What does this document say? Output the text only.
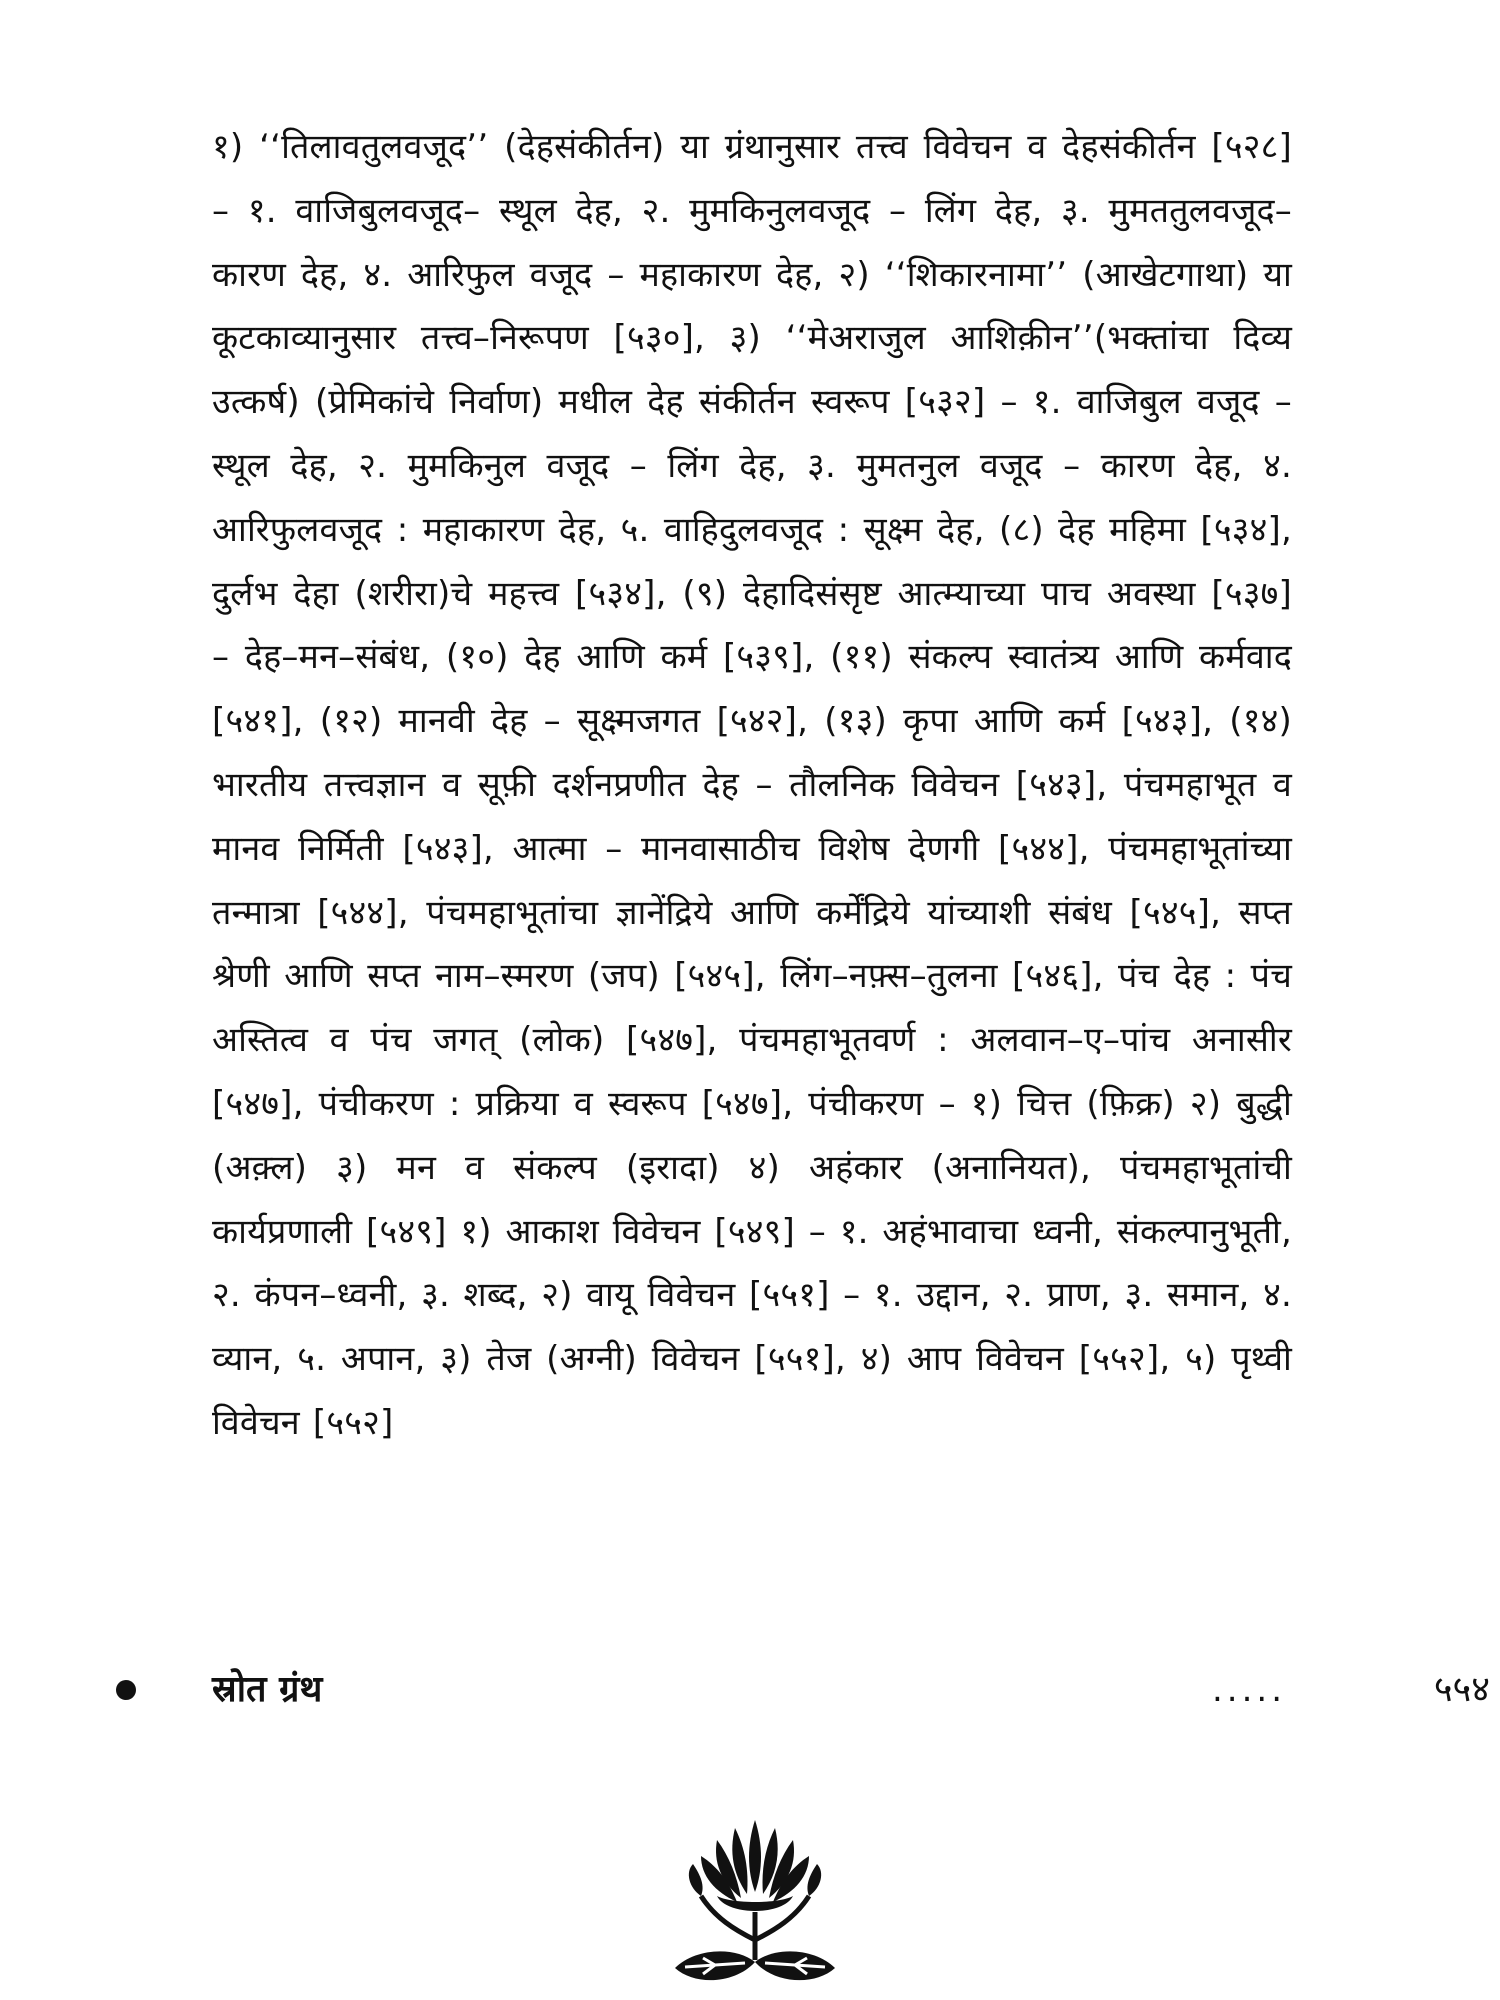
१) ‘‘तिलावतुलवजूद’’ (देहसंकीर्तन) या ग्रंथानुसार तत्त्व विवेचन व देहसंकीर्तन [५२८] – १. वाजिबुलवजूद– स्थूल देह, २. मुमकिनुलवजूद – लिंग देह, ३. मुमततुलवजूद– कारण देह, ४. आरिफुल वजूद – महाकारण देह, २) ‘‘शिकारनामा’’ (आखेटगाथा) या कूटकाव्यानुसार तत्त्व–निरूपण [५३०], ३) ‘‘मेअराजुल आशिक़ीन’’(भक्तांचा दिव्य उत्कर्ष) (प्रेमिकांचे निर्वाण) मधील देह संकीर्तन स्वरूप [५३२] – १. वाजिबुल वजूद – स्थूल देह, २. मुमकिनुल वजूद – लिंग देह, ३. मुमतनुल वजूद – कारण देह, ४. आरिफुलवजूद : महाकारण देह, ५. वाहिदुलवजूद : सूक्ष्म देह, (८) देह महिमा [५३४], दुर्लभ देहा (शरीरा)चे महत्त्व [५३४], (९) देहादिसंसृष्ट आत्म्याच्या पाच अवस्था [५३७] – देह–मन–संबंध, (१०) देह आणि कर्म [५३९], (११) संकल्प स्वातंत्र्य आणि कर्मवाद [५४१], (१२) मानवी देह – सूक्ष्मजगत [५४२], (१३) कृपा आणि कर्म [५४३], (१४) भारतीय तत्त्वज्ञान व सूफ़ी दर्शनप्रणीत देह – तौलनिक विवेचन [५४३], पंचमहाभूत व मानव निर्मिती [५४३], आत्मा – मानवासाठीच विशेष देणगी [५४४], पंचमहाभूतांच्या तन्मात्रा [५४४], पंचमहाभूतांचा ज्ञानेंद्रिये आणि कर्मेंद्रिये यांच्याशी संबंध [५४५], सप्त श्रेणी आणि सप्त नाम–स्मरण (जप) [५४५], लिंग–नफ़्स–तुलना [५४६], पंच देह : पंच अस्तित्व व पंच जगत् (लोक) [५४७], पंचमहाभूतवर्ण : अलवान–ए–पांच अनासीर [५४७], पंचीकरण : प्रक्रिया व स्वरूप [५४७], पंचीकरण – १) चित्त (फ़िक्र) २) बुद्धी (अक़्ल) ३) मन व संकल्प (इरादा) ४) अहंकार (अनानियत), पंचमहाभूतांची कार्यप्रणाली [५४९] १) आकाश विवेचन [५४९] – १. अहंभावाचा ध्वनी, संकल्पानुभूती, २. कंपन–ध्वनी, ३. शब्द, २) वायू विवेचन [५५१] – १. उद्दान, २. प्राण, ३. समान, ४. व्यान, ५. अपान, ३) तेज (अग्नी) विवेचन [५५१], ४) आप विवेचन [५५२], ५) पृथ्वी विवेचन [५५२]

स्रोत ग्रंथ	.....	५५४
